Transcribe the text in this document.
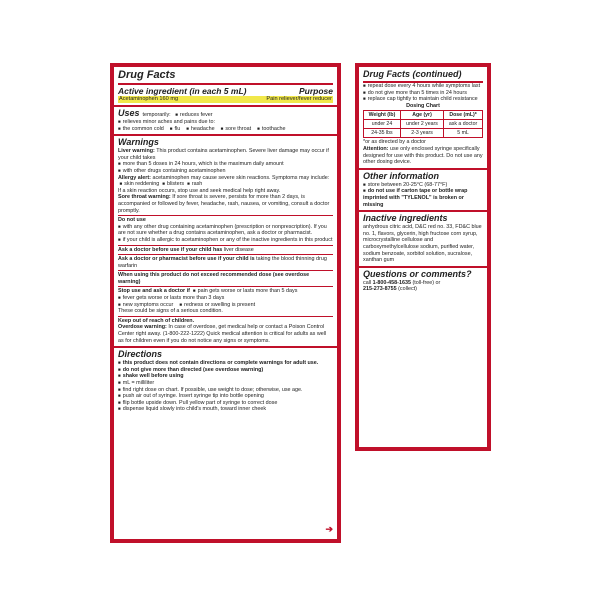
Drug Facts
Active ingredient (in each 5 mL)	Purpose
Acetaminophen 160 mg	Pain reliever/fever reducer
Uses temporarily: ■ reduces fever
■ relieves minor aches and pains due to:
■ the common cold	■ flu	■ headache	■ sore throat	■ toothache
Warnings
Liver warning: This product contains acetaminophen. Severe liver damage may occur if your child takes
■ more than 5 doses in 24 hours, which is the maximum daily amount
■ with other drugs containing acetaminophen
Allergy alert: acetaminophen may cause severe skin reactions. Symptoms may include:  ■ skin reddening ■ blisters ■ rash
If a skin reaction occurs, stop use and seek medical help right away.
Sore throat warning: If sore throat is severe, persists for more than 2 days, is accompanied or followed by fever, headache, rash, nausea, or vomiting, consult a doctor promptly.
Do not use
■ with any other drug containing acetaminophen (prescription or nonprescription). If you are not sure whether a drug contains acetaminophen, ask a doctor or pharmacist.
■ if your child is allergic to acetaminophen or any of the inactive ingredients in this product
Ask a doctor before use if your child has liver disease
Ask a doctor or pharmacist before use if your child is taking the blood thinning drug warfarin
When using this product do not exceed recommended dose (see overdose warning)
Stop use and ask a doctor if ■ pain gets worse or lasts more than 5 days
■ fever gets worse or lasts more than 3 days
■ new symptoms occur	■ redness or swelling is present
These could be signs of a serious condition.
Keep out of reach of children.
Overdose warning: In case of overdose, get medical help or contact a Poison Control Center right away. (1-800-222-1222) Quick medical attention is critical for adults as well as for children even if you do not notice any signs or symptoms.
Directions
■ this product does not contain directions or complete warnings for adult use.
■ do not give more than directed (see overdose warning)
■ shake well before using
■ mL = milliliter
■ find right dose on chart. If possible, use weight to dose; otherwise, use age.
■ push air out of syringe. Insert syringe tip into bottle opening
■ flip bottle upside down. Pull yellow part of syringe to correct dose
■ dispense liquid slowly into child's mouth, toward inner cheek
➔
Drug Facts (continued)
■ repeat dose every 4 hours while symptoms last
■ do not give more than 5 times in 24 hours
■ replace cap tightly to maintain child resistance
Dosing Chart
Weight (lb)	Age (yr)	Dose (mL)*
under 24	under 2 years	ask a doctor
24-35 lbs	2-3 years	5 mL
*or as directed by a doctor
Attention: use only enclosed syringe specifically designed for use with this product. Do not use any other dosing device.
Other information
■ store between 20-25°C (68-77°F)
■ do not use if carton tape or bottle wrap imprinted with "TYLENOL" is broken or missing
Inactive ingredients
anhydrous citric acid, D&C red no. 33, FD&C blue no. 1, flavors, glycerin, high fructose corn syrup, microcrystalline cellulose and carboxymethylcellulose sodium, purified water, sodium benzoate, sorbitol solution, sucralose, xanthan gum
Questions or comments?
call 1-800-458-1635 (toll-free) or
215-273-8755 (collect)
